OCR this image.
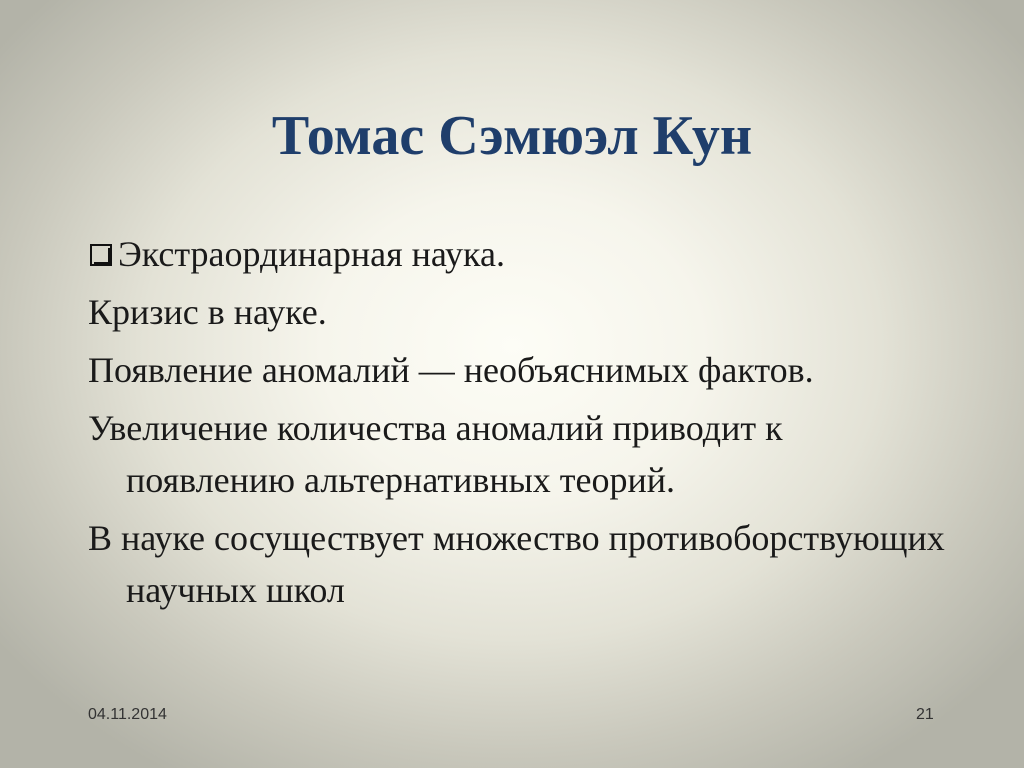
Томас Сэмюэл Кун
Экстраординарная наука.
Кризис в науке.
Появление аномалий — необъяснимых фактов.
Увеличение количества аномалий приводит к появлению альтернативных теорий.
В науке сосуществует множество противоборствующих научных школ
04.11.2014	21
